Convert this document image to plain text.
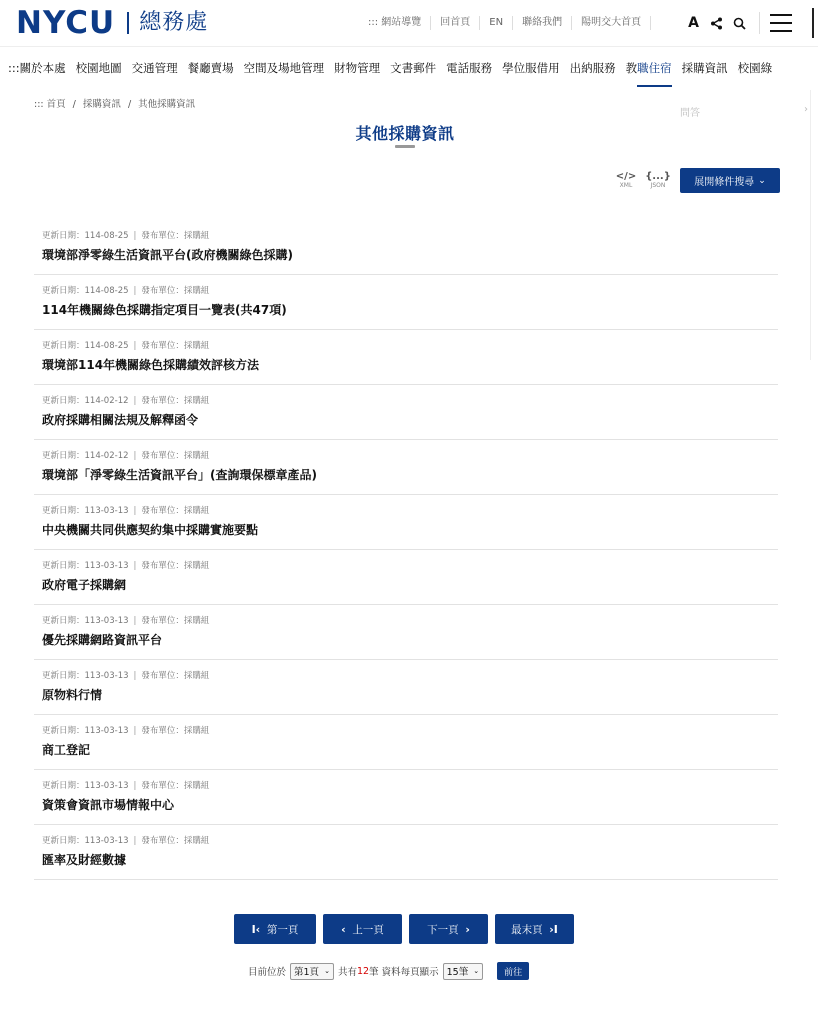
NYCU 總務處	::: 網站導覽	回首頁	EN	聯絡我們	陽明交大首頁	A
:::關於本處 校園地圖 交通管理 餐廳賣場 空間及場地管理 財物管理 文書郵件 電話服務 學位服借用 出納服務 教 職住宿 採購資訊 校園綠
::: 首頁 / 採購資訊 / 其他採購資訊
問答	›
其他採購資訊
</>
XML
{...}
JSON	展開條件搜尋 ⌄
更新日期：114-08-25 | 發布單位：採購組
環境部淨零綠生活資訊平台(政府機關綠色採購)
更新日期：114-08-25 | 發布單位：採購組
114年機關綠色採購指定項目一覽表(共47項)
更新日期：114-08-25 | 發布單位：採購組
環境部114年機關綠色採購績效評核方法
更新日期：114-02-12 | 發布單位：採購組
政府採購相關法規及解釋函令
更新日期：114-02-12 | 發布單位：採購組
環境部「淨零綠生活資訊平台」(查詢環保標章產品)
更新日期：113-03-13 | 發布單位：採購組
中央機關共同供應契約集中採購實施要點
更新日期：113-03-13 | 發布單位：採購組
政府電子採購網
更新日期：113-03-13 | 發布單位：採購組
優先採購網路資訊平台
更新日期：113-03-13 | 發布單位：採購組
原物料行情
更新日期：113-03-13 | 發布單位：採購組
商工登記
更新日期：113-03-13 | 發布單位：採購組
資策會資訊市場情報中心
更新日期：113-03-13 | 發布單位：採購組
匯率及財經數據
I‹
第一頁	‹
上一頁	下一頁
›	最末頁
›I
目前位於 第1頁 ⌄ 共有 12 筆
資料每頁顯示 15筆 ⌄	前往
